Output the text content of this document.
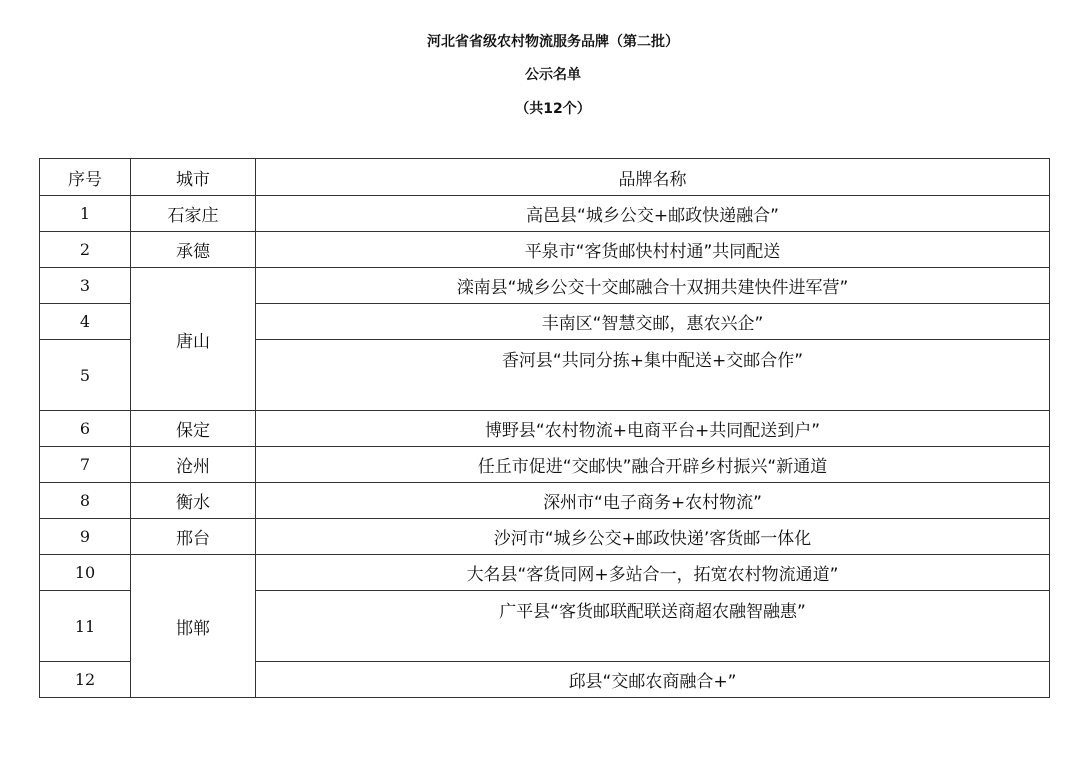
河北省省级农村物流服务品牌（第二批）
公示名单
（共12个）
序号	城市	品牌名称
1	石家庄	高邑县“城乡公交+邮政快递融合”
2	承德	平泉市“客货邮快村村通”共同配送
3	唐山	滦南县“城乡公交十交邮融合十双拥共建快件进军营”
4		丰南区“智慧交邮，惠农兴企”
5		香河县“共同分拣+集中配送+交邮合作”
6	保定	博野县“农村物流+电商平台+共同配送到户”
7	沧州	任丘市促进“交邮快”融合开辟乡村振兴“新通道
8	衡水	深州市“电子商务+农村物流”
9	邢台	沙河市“城乡公交+邮政快递’客货邮一体化
10	邯郸	大名县“客货同网+多站合一，拓宽农村物流通道”
11		广平县“客货邮联配联送商超农融智融惠”
12		邱县“交邮农商融合+”
